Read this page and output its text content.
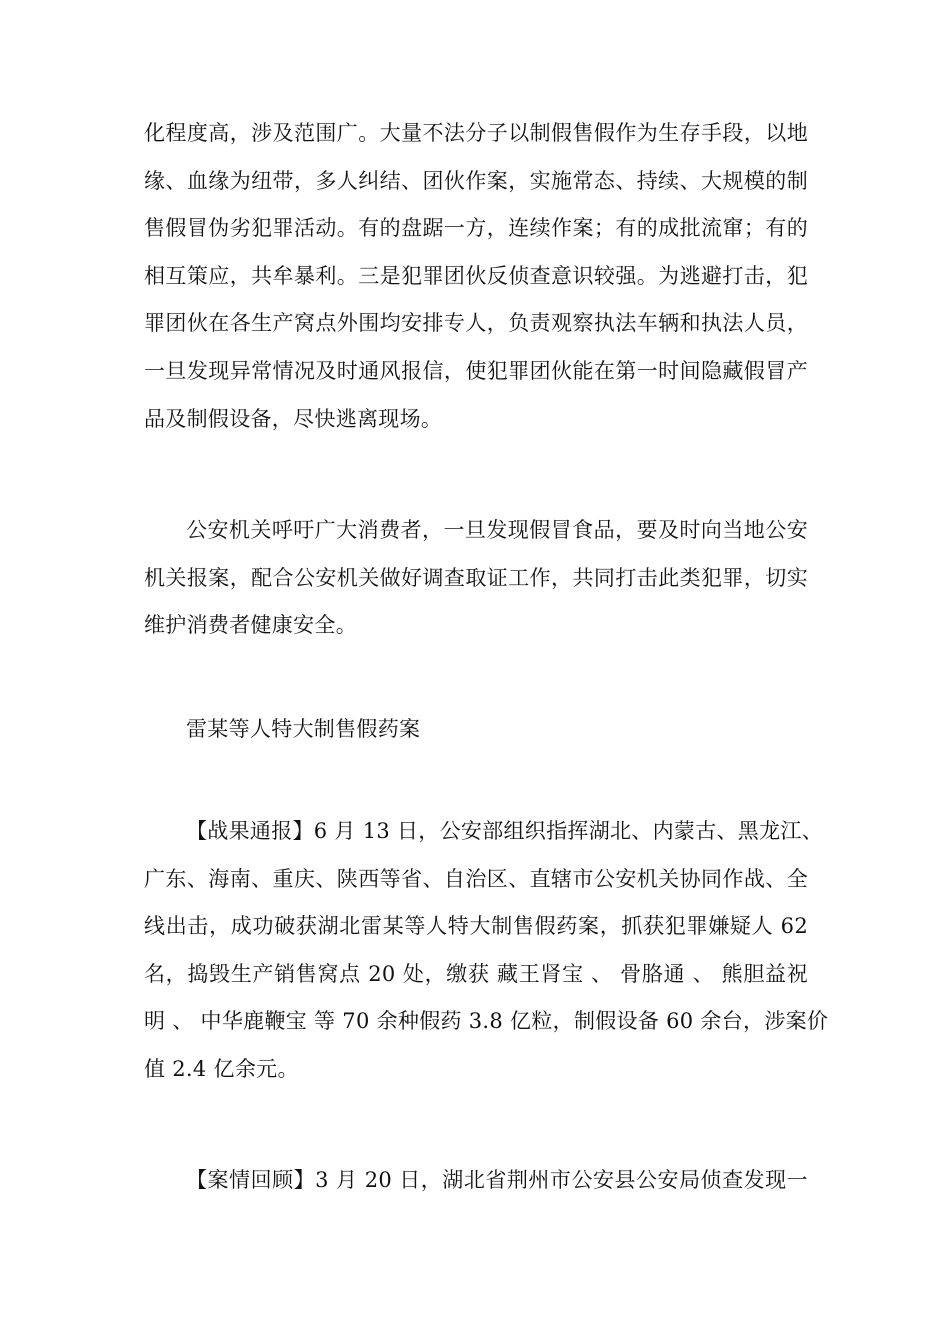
化程度高，涉及范围广。大量不法分子以制假售假作为生存手段，以地
缘、血缘为纽带，多人纠结、团伙作案，实施常态、持续、大规模的制
售假冒伪劣犯罪活动。有的盘踞一方，连续作案；有的成批流窜；有的
相互策应，共牟暴利。三是犯罪团伙反侦查意识较强。为逃避打击，犯
罪团伙在各生产窝点外围均安排专人，负责观察执法车辆和执法人员，
一旦发现异常情况及时通风报信，使犯罪团伙能在第一时间隐藏假冒产
品及制假设备，尽快逃离现场。
公安机关呼吁广大消费者，一旦发现假冒食品，要及时向当地公安
机关报案，配合公安机关做好调查取证工作，共同打击此类犯罪，切实
维护消费者健康安全。
雷某等人特大制售假药案
【战果通报】6 月 13 日，公安部组织指挥湖北、内蒙古、黑龙江、
广东、海南、重庆、陕西等省、自治区、直辖市公安机关协同作战、全
线出击，成功破获湖北雷某等人特大制售假药案，抓获犯罪嫌疑人 62
名，捣毁生产销售窝点 20 处，缴获 藏王肾宝 、 骨胳通 、 熊胆益祝
明 、 中华鹿鞭宝 等 70 余种假药 3.8 亿粒，制假设备 60 余台，涉案价
值 2.4 亿余元。
【案情回顾】3 月 20 日，湖北省荆州市公安县公安局侦查发现一
